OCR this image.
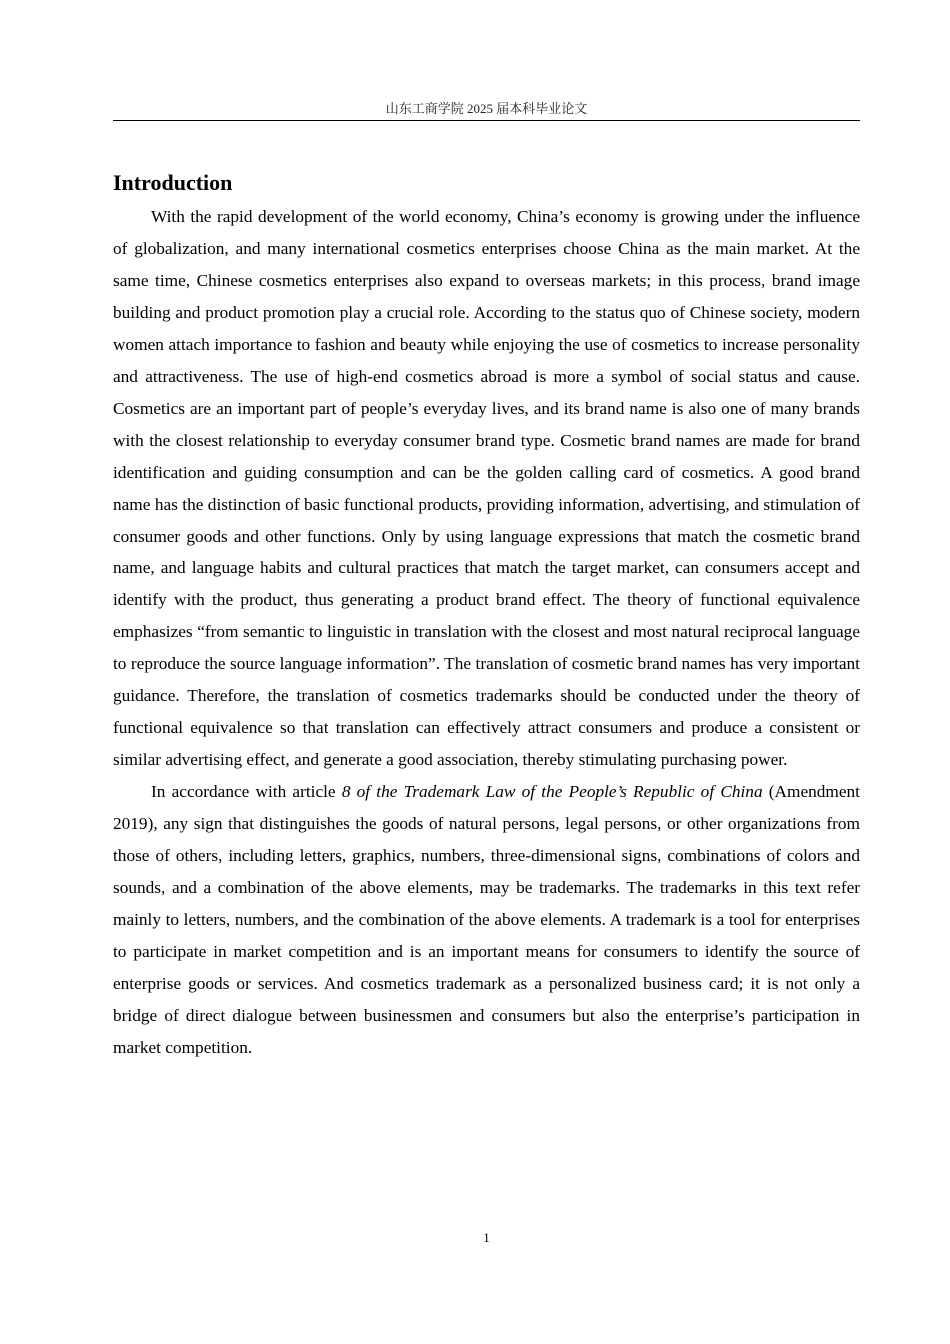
山东工商学院 2025 届本科毕业论文
Introduction

With the rapid development of the world economy, China’s economy is growing under the influence of globalization, and many international cosmetics enterprises choose China as the main market. At the same time, Chinese cosmetics enterprises also expand to overseas markets; in this process, brand image building and product promotion play a crucial role. According to the status quo of Chinese society, modern women attach importance to fashion and beauty while enjoying the use of cosmetics to increase personality and attractiveness. The use of high-end cosmetics abroad is more a symbol of social status and cause. Cosmetics are an important part of people’s everyday lives, and its brand name is also one of many brands with the closest relationship to everyday consumer brand type. Cosmetic brand names are made for brand identification and guiding consumption and can be the golden calling card of cosmetics. A good brand name has the distinction of basic functional products, providing information, advertising, and stimulation of consumer goods and other functions. Only by using language expressions that match the cosmetic brand name, and language habits and cultural practices that match the target market, can consumers accept and identify with the product, thus generating a product brand effect. The theory of functional equivalence emphasizes “from semantic to linguistic in translation with the closest and most natural reciprocal language to reproduce the source language information”. The translation of cosmetic brand names has very important guidance. Therefore, the translation of cosmetics trademarks should be conducted under the theory of functional equivalence so that translation can effectively attract consumers and produce a consistent or similar advertising effect, and generate a good association, thereby stimulating purchasing power.

In accordance with article 8 of the Trademark Law of the People’s Republic of China (Amendment 2019), any sign that distinguishes the goods of natural persons, legal persons, or other organizations from those of others, including letters, graphics, numbers, three-dimensional signs, combinations of colors and sounds, and a combination of the above elements, may be trademarks. The trademarks in this text refer mainly to letters, numbers, and the combination of the above elements. A trademark is a tool for enterprises to participate in market competition and is an important means for consumers to identify the source of enterprise goods or services. And cosmetics trademark as a personalized business card; it is not only a bridge of direct dialogue between businessmen and consumers but also the enterprise’s participation in market competition.

1
